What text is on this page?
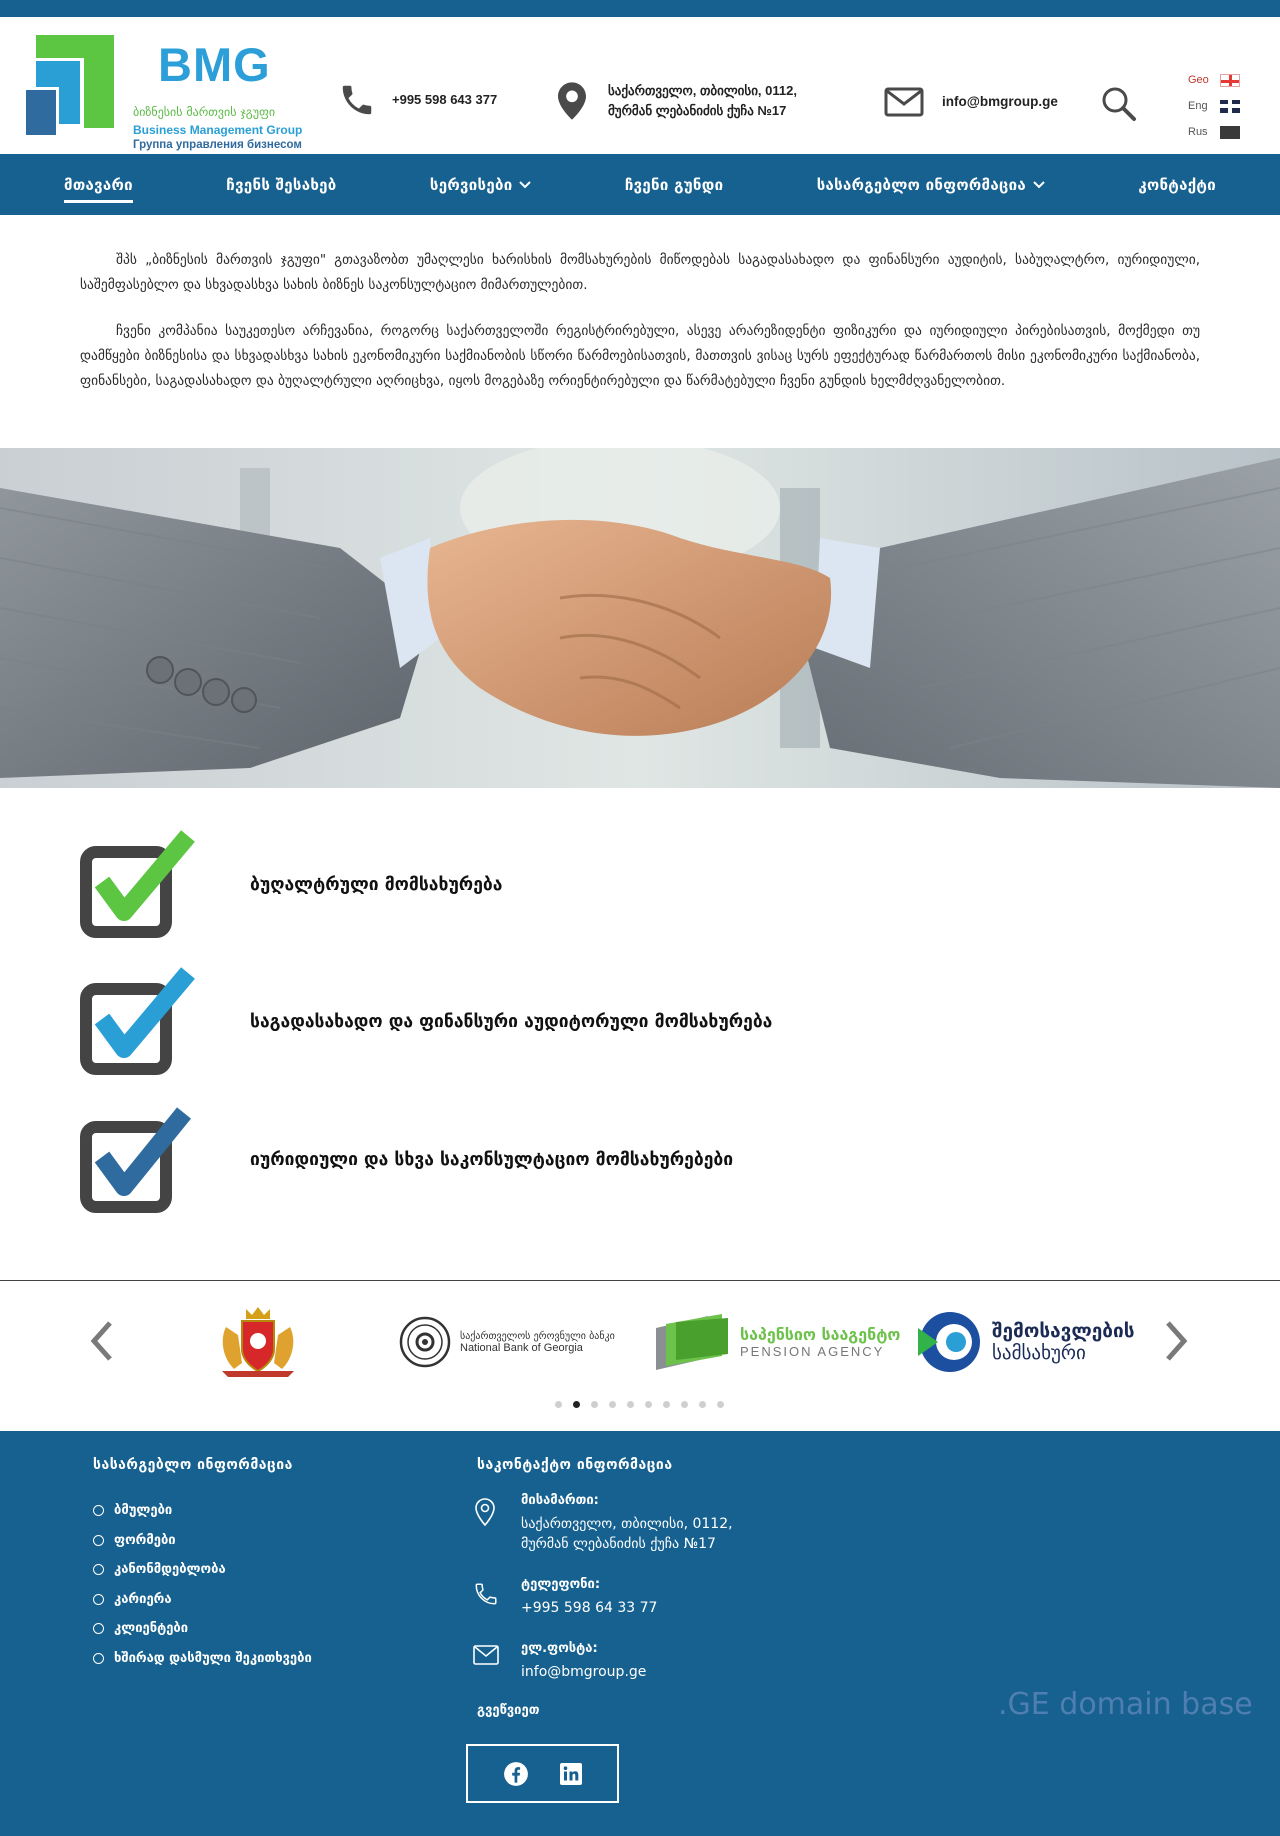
BMG
ბიზნესის მართვის ჯგუფი
Business Management Group
Группа управления бизнесом
+995 598 643 377
საქართველო, თბილისი, 0112,
მურმან ლებანიძის ქუჩა №17
info@bmgroup.ge
Geo
Eng
Rus
მთავარი	ჩვენს შესახებ	სერვისები	ჩვენი გუნდი	სასარგებლო ინფორმაცია	კონტაქტი

შპს „ბიზნესის მართვის ჯგუფი" გთავაზობთ უმაღლესი ხარისხის მომსახურების მიწოდებას საგადასახადო და ფინანსური აუდიტის, საბუღალტრო, იურიდიული, საშემფასებლო და სხვადასხვა სახის ბიზნეს საკონსულტაციო მიმართულებით.

ჩვენი კომპანია საუკეთესო არჩევანია, როგორც საქართველოში რეგისტრირებული, ასევე არარეზიდენტი ფიზიკური და იურიდიული პირებისათვის, მოქმედი თუ დამწყები ბიზნესისა და სხვადასხვა სახის ეკონომიკური საქმიანობის სწორი წარმოებისათვის, მათთვის ვისაც სურს ეფექტურად წარმართოს მისი ეკონომიკური საქმიანობა, ფინანსები, საგადასახადო და ბუღალტრული აღრიცხვა, იყოს მოგებაზე ორიენტირებული და წარმატებული ჩვენი გუნდის ხელმძღვანელობით.

ბუღალტრული მომსახურება
საგადასახადო და ფინანსური აუდიტორული მომსახურება
იურიდიული და სხვა საკონსულტაციო მომსახურებები
საქართველოს ეროვნული ბანკი
National Bank of Georgia
საპენსიო სააგენტო
PENSION AGENCY
შემოსავლების
სამსახური
სასარგებლო ინფორმაცია
ბმულები
ფორმები
კანონმდებლობა
კარიერა
კლიენტები
ხშირად დასმული შეკითხვები
საკონტაქტო ინფორმაცია
მისამართი:
საქართველო, თბილისი, 0112,
მურმან ლებანიძის ქუჩა №17
ტელეფონი:
+995 598 64 33 77
ელ.ფოსტა:
info@bmgroup.ge
გვეწვიეთ	.GE domain base
